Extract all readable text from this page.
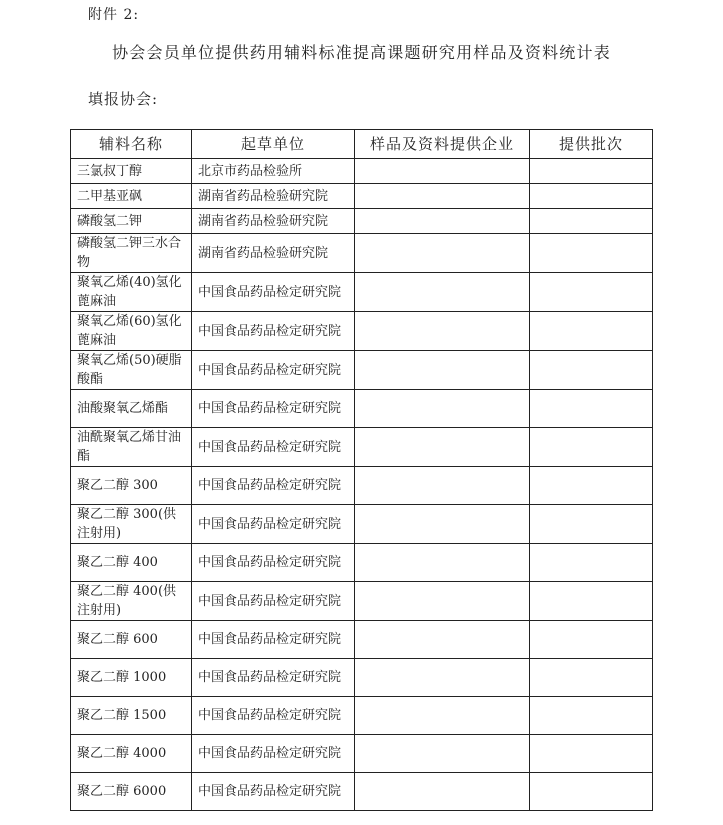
附件 2:
协会会员单位提供药用辅料标准提高课题研究用样品及资料统计表
填报协会:
辅料名称	起草单位	样品及资料提供企业	提供批次
三氯叔丁醇	北京市药品检验所		
二甲基亚砜	湖南省药品检验研究院		
磷酸氢二钾	湖南省药品检验研究院		
磷酸氢二钾三水合物	湖南省药品检验研究院		
聚氧乙烯(40)氢化蓖麻油	中国食品药品检定研究院		
聚氧乙烯(60)氢化蓖麻油	中国食品药品检定研究院		
聚氧乙烯(50)硬脂酸酯	中国食品药品检定研究院		
油酸聚氧乙烯酯	中国食品药品检定研究院		
油酰聚氧乙烯甘油酯	中国食品药品检定研究院		
聚乙二醇 300	中国食品药品检定研究院		
聚乙二醇 300(供注射用)	中国食品药品检定研究院		
聚乙二醇 400	中国食品药品检定研究院		
聚乙二醇 400(供注射用)	中国食品药品检定研究院		
聚乙二醇 600	中国食品药品检定研究院		
聚乙二醇 1000	中国食品药品检定研究院		
聚乙二醇 1500	中国食品药品检定研究院		
聚乙二醇 4000	中国食品药品检定研究院		
聚乙二醇 6000	中国食品药品检定研究院		
